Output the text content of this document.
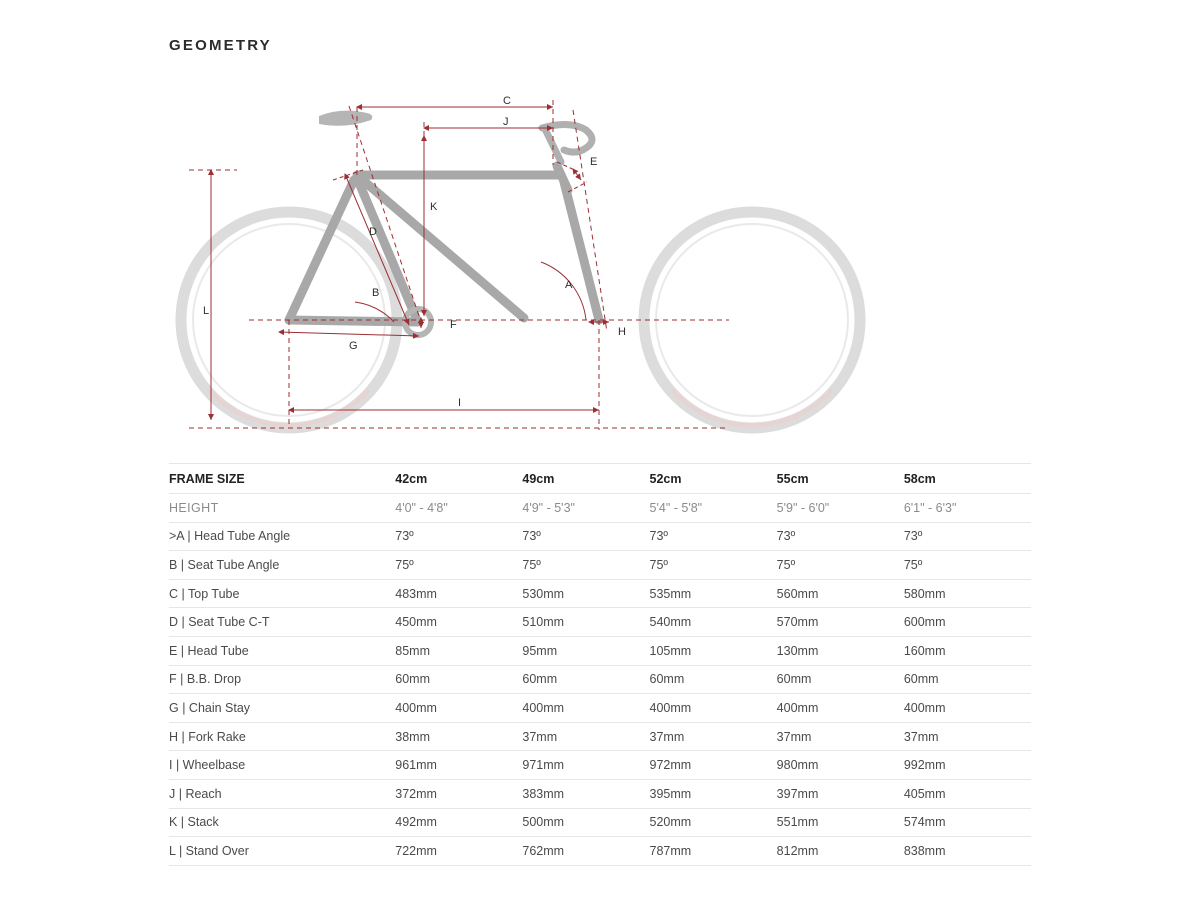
GEOMETRY
C
J
E
K
D
B
A
F
G
H
I
L
FRAME SIZE	42cm	49cm	52cm	55cm	58cm
HEIGHT	4'0" - 4'8"	4'9" - 5'3"	5'4" - 5'8"	5'9" - 6'0"	6'1" - 6'3"
>A | Head Tube Angle	73º	73º	73º	73º	73º
B | Seat Tube Angle	75º	75º	75º	75º	75º
C | Top Tube	483mm	530mm	535mm	560mm	580mm
D | Seat Tube C-T	450mm	510mm	540mm	570mm	600mm
E | Head Tube	85mm	95mm	105mm	130mm	160mm
F | B.B. Drop	60mm	60mm	60mm	60mm	60mm
G | Chain Stay	400mm	400mm	400mm	400mm	400mm
H | Fork Rake	38mm	37mm	37mm	37mm	37mm
I | Wheelbase	961mm	971mm	972mm	980mm	992mm
J | Reach	372mm	383mm	395mm	397mm	405mm
K | Stack	492mm	500mm	520mm	551mm	574mm
L | Stand Over	722mm	762mm	787mm	812mm	838mm
